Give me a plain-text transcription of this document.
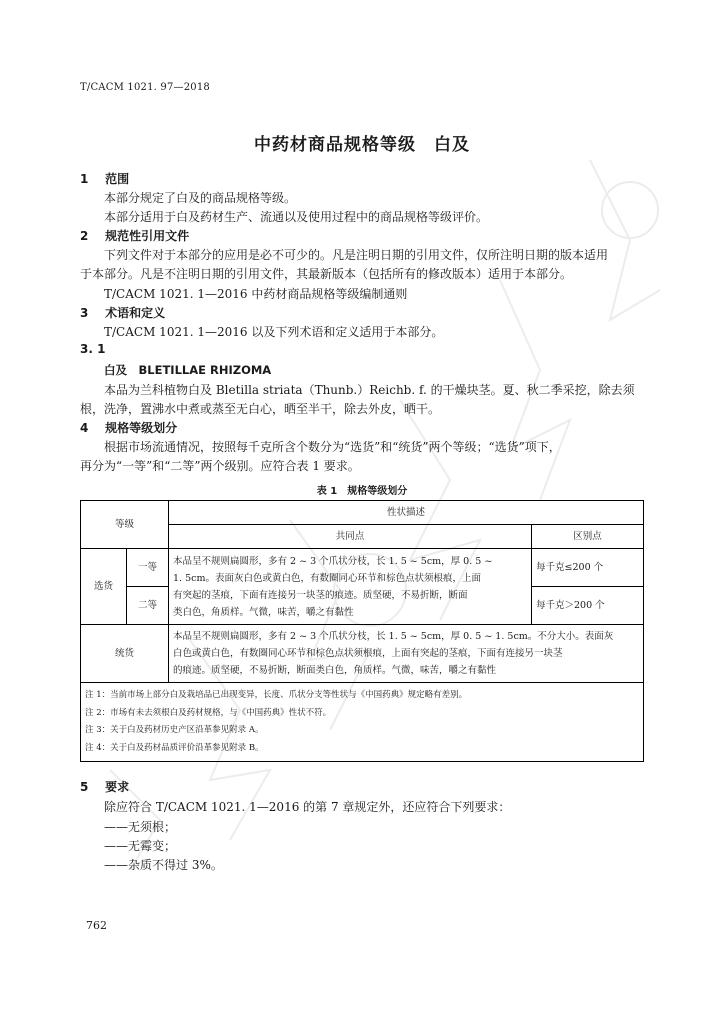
T/CACM 1021. 97—2018
中药材商品规格等级　白及
1 范围
本部分规定了白及的商品规格等级。
本部分适用于白及药材生产、流通以及使用过程中的商品规格等级评价。
2 规范性引用文件
下列文件对于本部分的应用是必不可少的。凡是注明日期的引用文件，仅所注明日期的版本适用
于本部分。凡是不注明日期的引用文件，其最新版本（包括所有的修改版本）适用于本部分。
T/CACM 1021. 1—2016 中药材商品规格等级编制通则
3 术语和定义
T/CACM 1021. 1—2016 以及下列术语和定义适用于本部分。
3. 1
白及　BLETILLAE RHIZOMA
本品为兰科植物白及 Bletilla striata（Thunb.）Reichb. f. 的干燥块茎。夏、秋二季采挖，除去须
根，洗净，置沸水中煮或蒸至无白心，晒至半干，除去外皮，晒干。
4 规格等级划分
根据市场流通情况，按照每千克所含个数分为“选货”和“统货”两个等级；“选货”项下，
再分为“一等”和“二等”两个级别。应符合表 1 要求。
表 1　规格等级划分
等级		性状描述	
		共同点	区别点
选货	一等	本品呈不规则扁圆形，多有 2 ~ 3 个爪状分枝，长 1. 5 ~ 5cm，厚 0. 5 ~
1. 5cm。表面灰白色或黄白色，有数圈同心环节和棕色点状须根痕，上面
有突起的茎痕，下面有连接另一块茎的痕迹。质坚硬，不易折断，断面
类白色，角质样。气微，味苦，嚼之有黏性	每千克≤200 个
	二等		每千克＞200 个
统货		本品呈不规则扁圆形，多有 2 ~ 3 个爪状分枝，长 1. 5 ~ 5cm，厚 0. 5 ~ 1. 5cm。不分大小。表面灰
白色或黄白色，有数圈同心环节和棕色点状须根痕，上面有突起的茎痕，下面有连接另一块茎
的痕迹。质坚硬，不易折断，断面类白色，角质样。气微，味苦，嚼之有黏性	

注 1：当前市场上部分白及栽培品已出现变异，长度、爪状分支等性状与《中国药典》规定略有差别。
注 2：市场有未去须根白及药材规格，与《中国药典》性状不符。
注 3：关于白及药材历史产区沿革参见附录 A。
注 4：关于白及药材品质评价沿革参见附录 B。			
5 要求
除应符合 T/CACM 1021. 1—2016 的第 7 章规定外，还应符合下列要求：
——无须根；
——无霉变；
——杂质不得过 3%。
762
